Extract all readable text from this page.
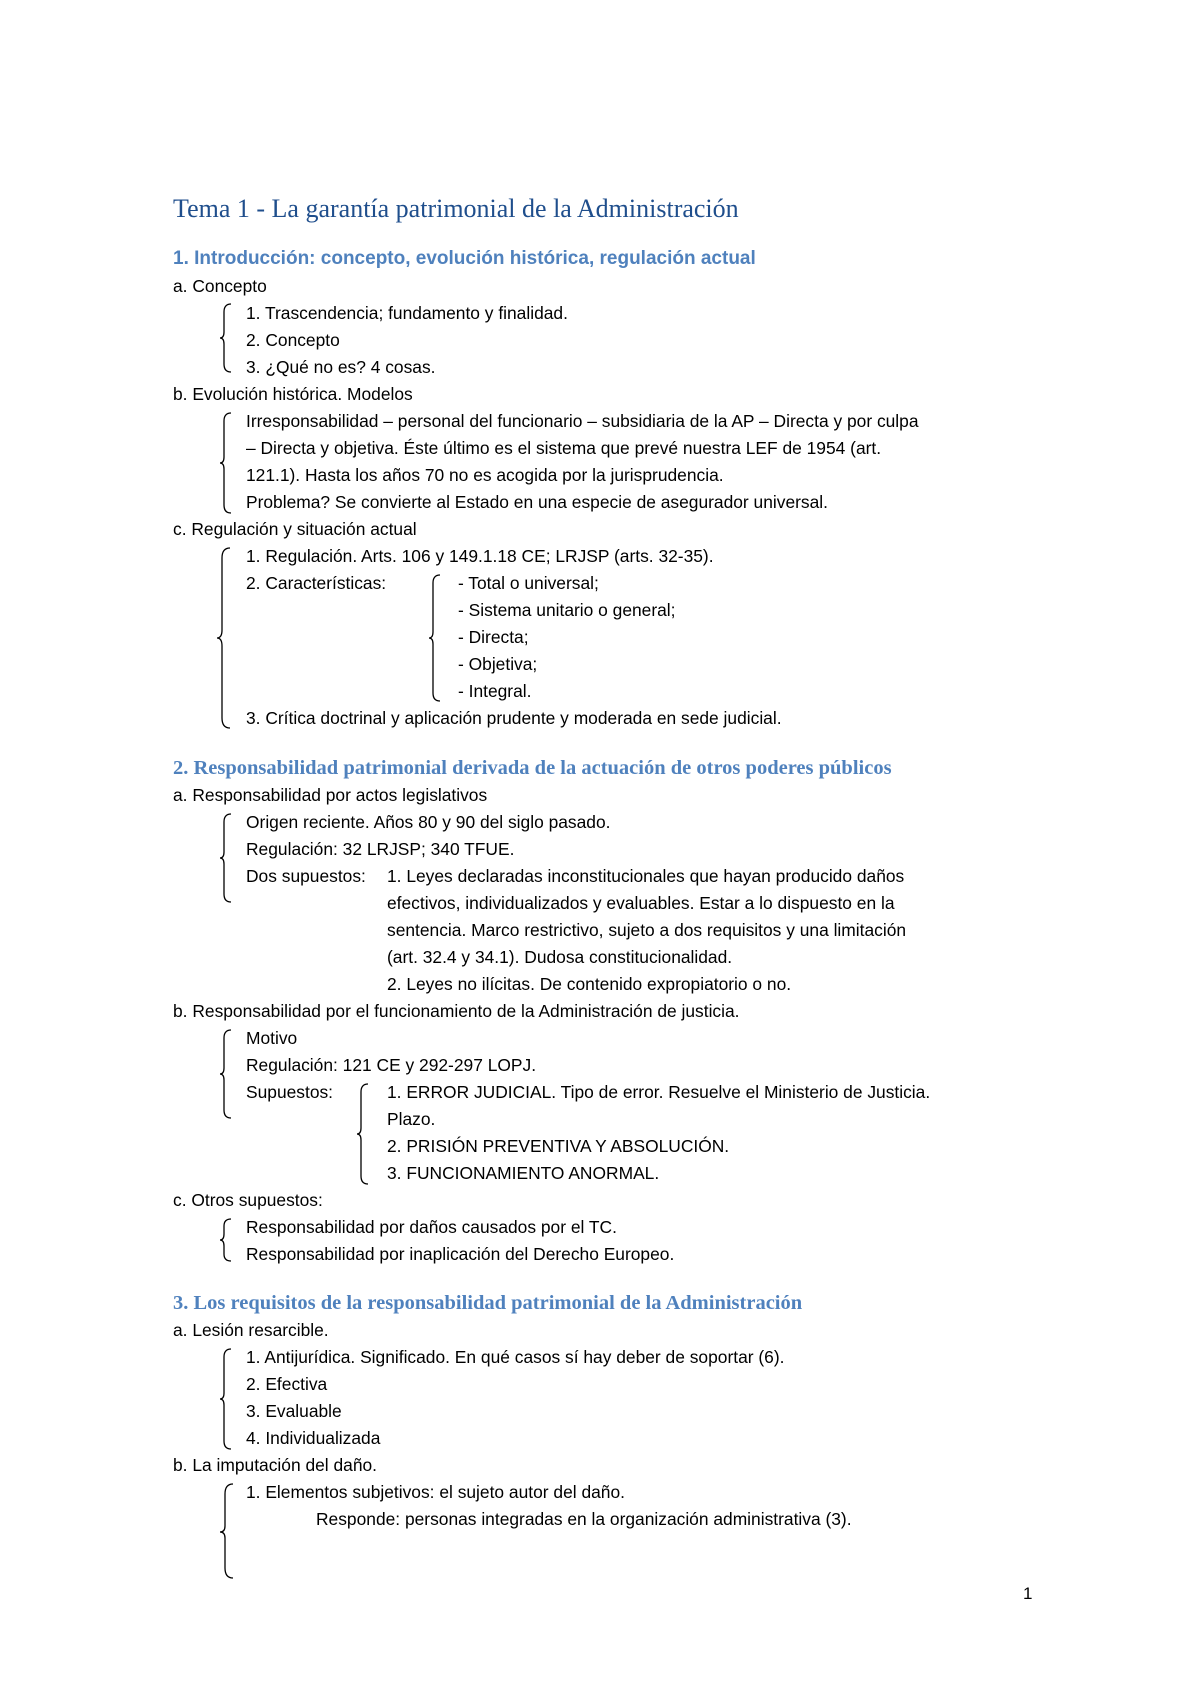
Tema 1 - La garantía patrimonial de la Administración
1. Introducción: concepto, evolución histórica, regulación actual
a. Concepto
1. Trascendencia; fundamento y finalidad.
2. Concepto
3. ¿Qué no es? 4 cosas.
b. Evolución histórica. Modelos
Irresponsabilidad – personal del funcionario – subsidiaria de la AP – Directa y por culpa
– Directa y objetiva. Éste último es el sistema que prevé nuestra LEF de 1954 (art.
121.1). Hasta los años 70 no es acogida por la jurisprudencia.
Problema? Se convierte al Estado en una especie de asegurador universal.
c. Regulación y situación actual
1. Regulación. Arts. 106 y 149.1.18 CE; LRJSP (arts. 32-35).
2. Características:	- Total o universal;
- Sistema unitario o general;
- Directa;
- Objetiva;
- Integral.
3. Crítica doctrinal y aplicación prudente y moderada en sede judicial.
2. Responsabilidad patrimonial derivada de la actuación de otros poderes públicos
a. Responsabilidad por actos legislativos
Origen reciente. Años 80 y 90 del siglo pasado.
Regulación: 32 LRJSP; 340 TFUE.
Dos supuestos: 1. Leyes declaradas inconstitucionales que hayan producido daños
efectivos, individualizados y evaluables. Estar a lo dispuesto en la
sentencia. Marco restrictivo, sujeto a dos requisitos y una limitación
(art. 32.4 y 34.1). Dudosa constitucionalidad.
2. Leyes no ilícitas. De contenido expropiatorio o no.
b. Responsabilidad por el funcionamiento de la Administración de justicia.
Motivo
Regulación: 121 CE y 292-297 LOPJ.
Supuestos:	1. ERROR JUDICIAL. Tipo de error. Resuelve el Ministerio de Justicia.
Plazo.
2. PRISIÓN PREVENTIVA Y ABSOLUCIÓN.
3. FUNCIONAMIENTO ANORMAL.
c. Otros supuestos:
Responsabilidad por daños causados por el TC.
Responsabilidad por inaplicación del Derecho Europeo.
3. Los requisitos de la responsabilidad patrimonial de la Administración
a. Lesión resarcible.
1. Antijurídica. Significado. En qué casos sí hay deber de soportar (6).
2. Efectiva
3. Evaluable
4. Individualizada
b. La imputación del daño.
1. Elementos subjetivos: el sujeto autor del daño.
Responde: personas integradas en la organización administrativa (3).
1
